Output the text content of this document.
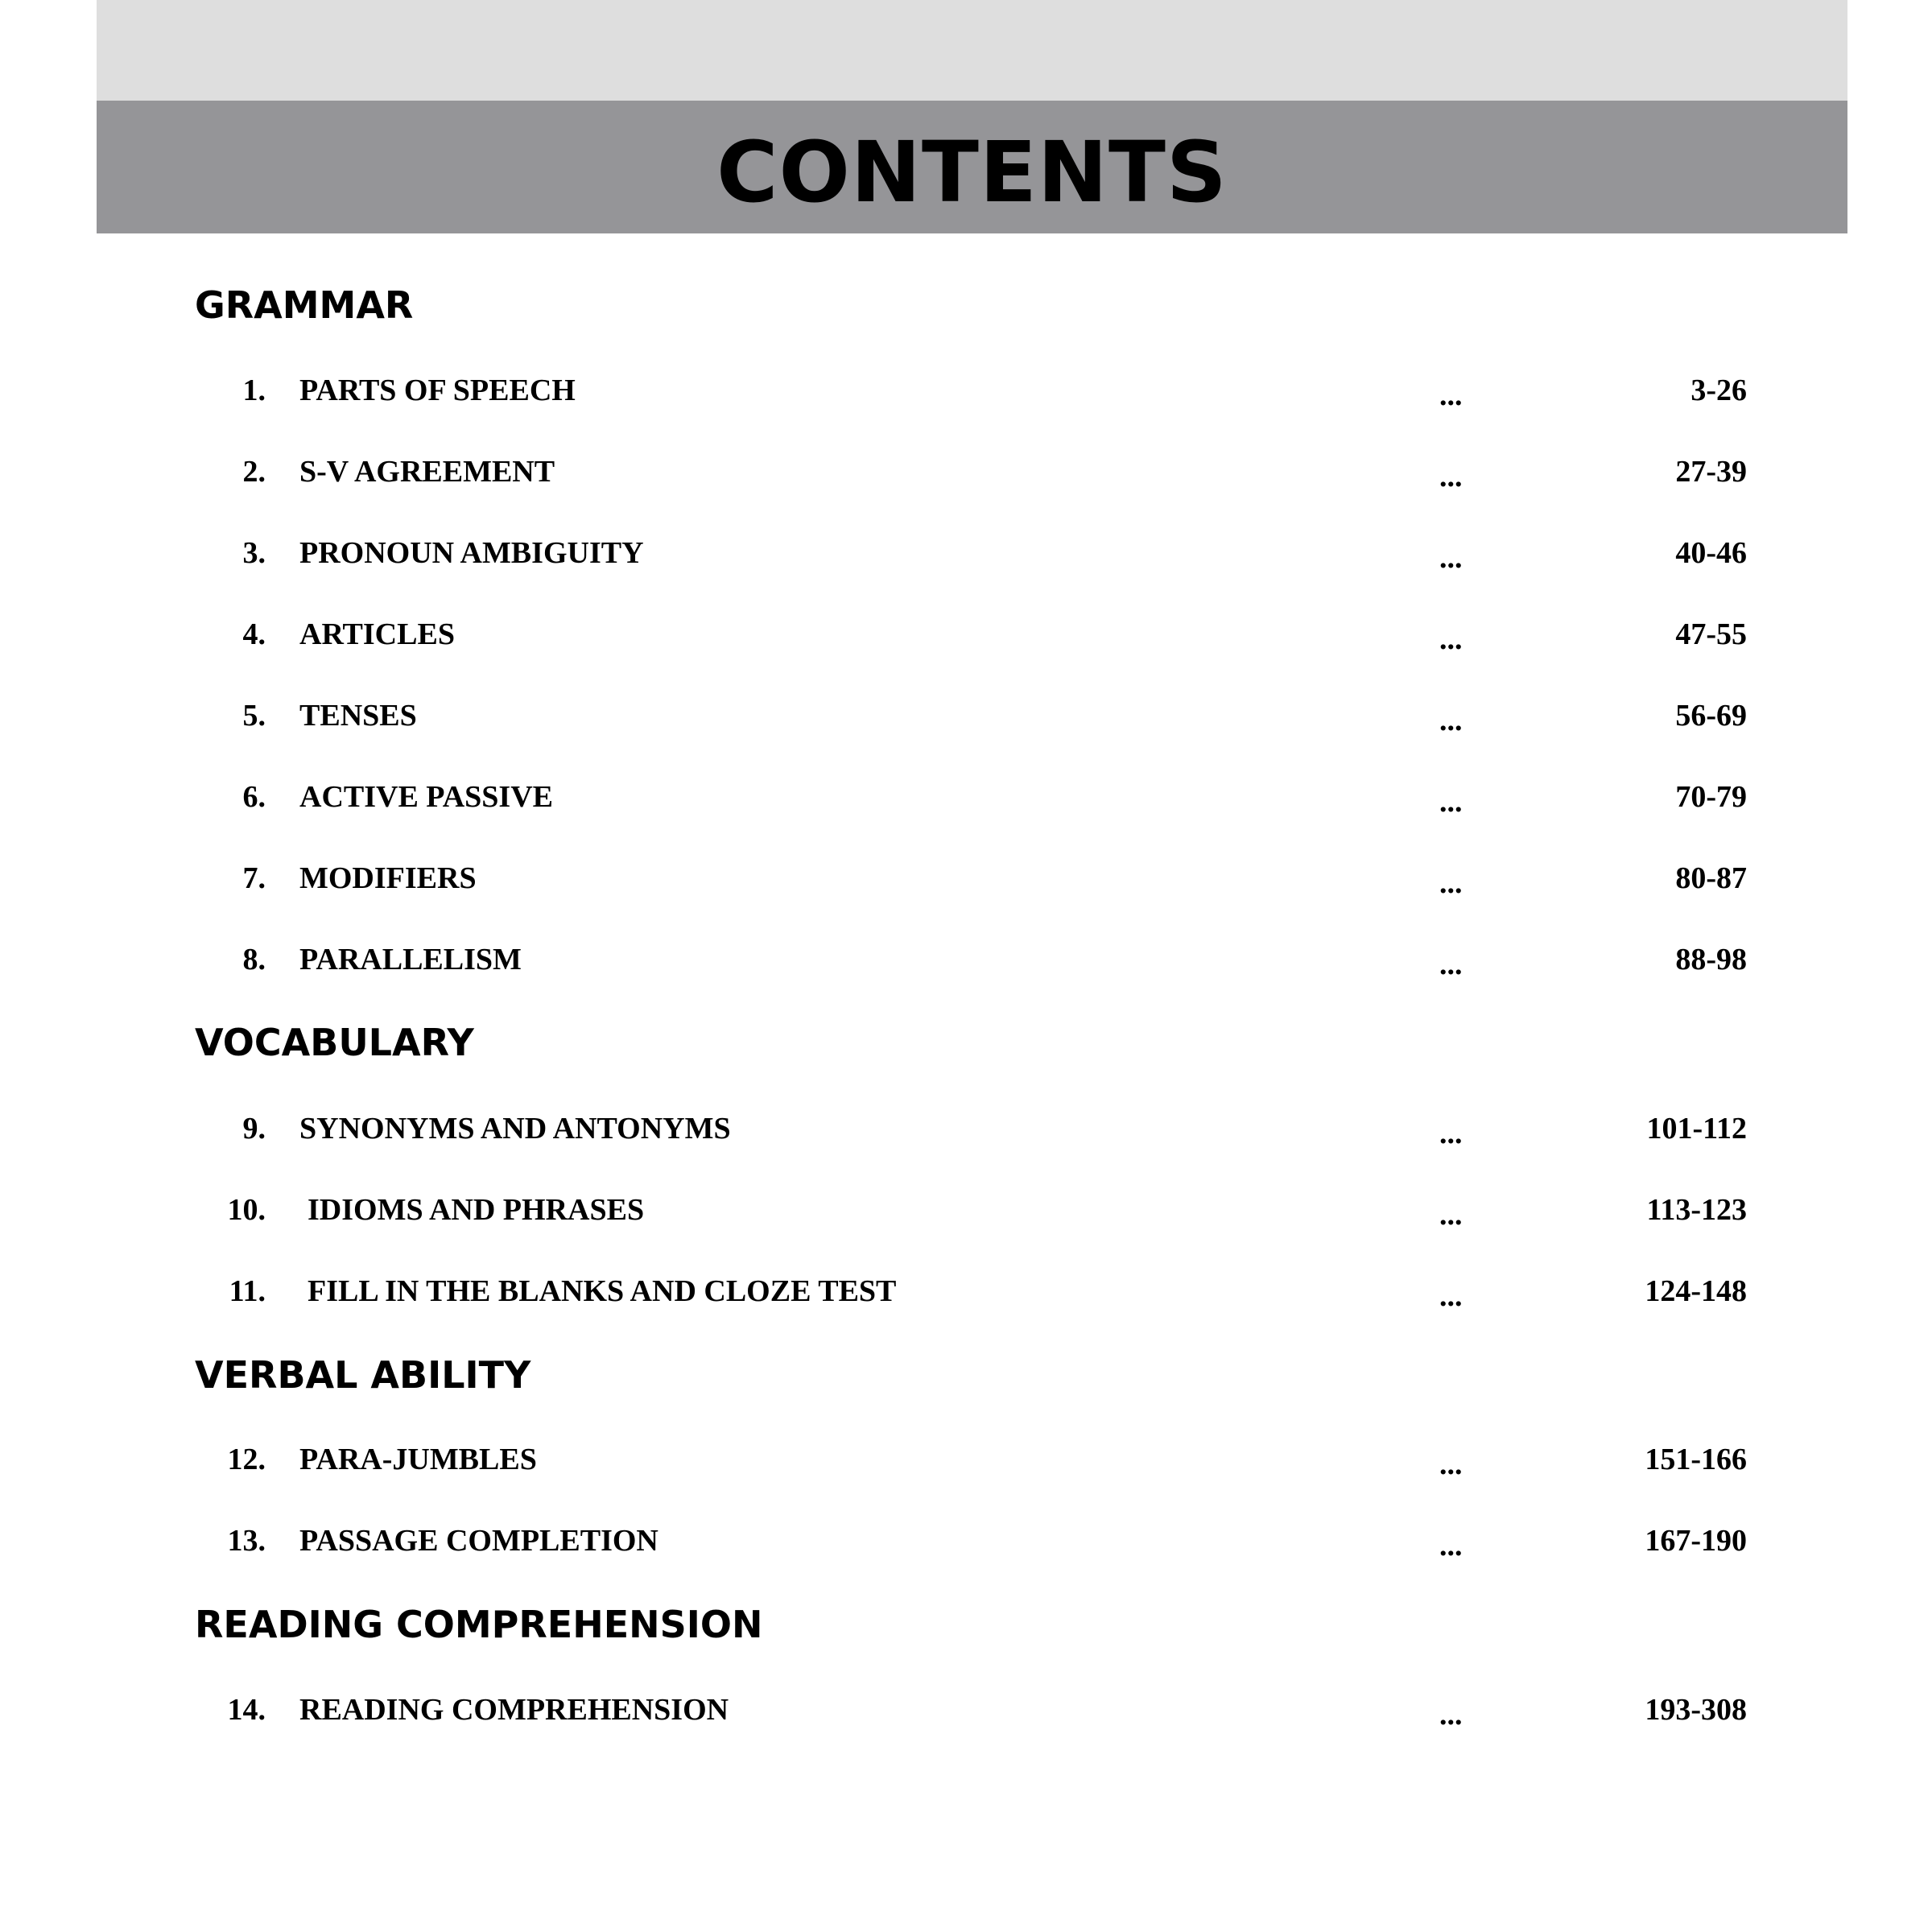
CONTENTS
GRAMMAR
1. PARTS OF SPEECH	...	3-26
2. S-V AGREEMENT	...	27-39
3. PRONOUN AMBIGUITY	...	40-46
4. ARTICLES	...	47-55
5. TENSES	...	56-69
6. ACTIVE PASSIVE	...	70-79
7. MODIFIERS	...	80-87
8. PARALLELISM	...	88-98
VOCABULARY
9. SYNONYMS AND ANTONYMS	...	101-112
10. IDIOMS AND PHRASES	...	113-123
11. FILL IN THE BLANKS AND CLOZE TEST	...	124-148
VERBAL ABILITY
12. PARA-JUMBLES	...	151-166
13. PASSAGE COMPLETION	...	167-190
READING COMPREHENSION
14. READING COMPREHENSION	...	193-308
